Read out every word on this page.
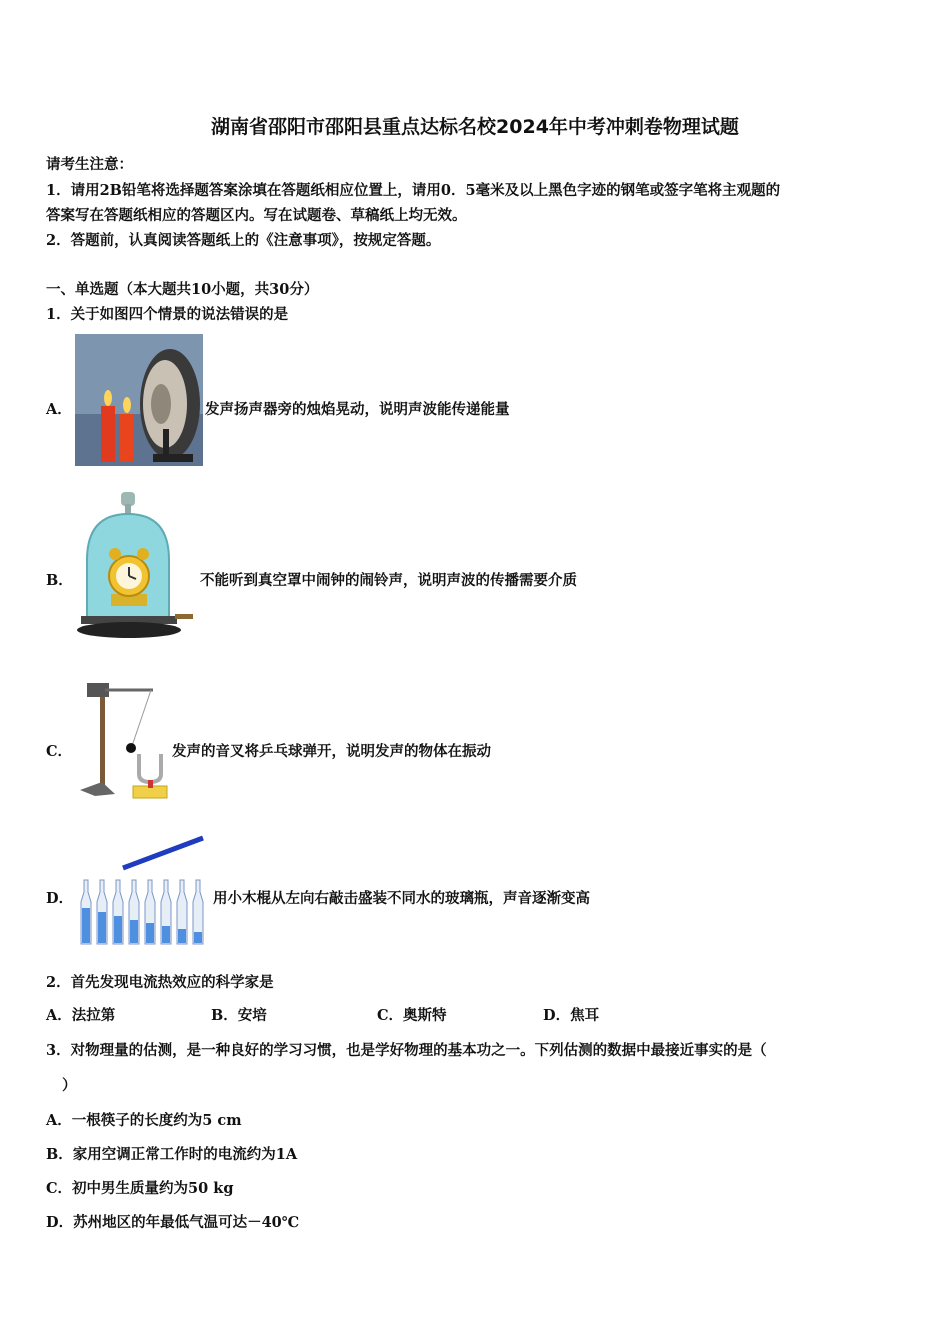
湖南省邵阳市邵阳县重点达标名校2024年中考冲刺卷物理试题
请考生注意：
1．请用2B铅笔将选择题答案涂填在答题纸相应位置上，请用0．5毫米及以上黑色字迹的钢笔或签字笔将主观题的
答案写在答题纸相应的答题区内。写在试题卷、草稿纸上均无效。
2．答题前，认真阅读答题纸上的《注意事项》，按规定答题。
一、单选题（本大题共10小题，共30分）
1．关于如图四个情景的说法错误的是
A．	发声扬声器旁的烛焰晃动，说明声波能传递能量
B．	不能听到真空罩中闹钟的闹铃声，说明声波的传播需要介质
C．	发声的音叉将乒乓球弹开，说明发声的物体在振动
D．	用小木棍从左向右敲击盛装不同水的玻璃瓶，声音逐渐变高
2．首先发现电流热效应的科学家是
A．法拉第	B．安培	C．奥斯特	D．焦耳
3．对物理量的估测，是一种良好的学习习惯，也是学好物理的基本功之一。下列估测的数据中最接近事实的是（
）
A．一根筷子的长度约为5 cm
B．家用空调正常工作时的电流约为1A
C．初中男生质量约为50 kg
D．苏州地区的年最低气温可达－40℃
